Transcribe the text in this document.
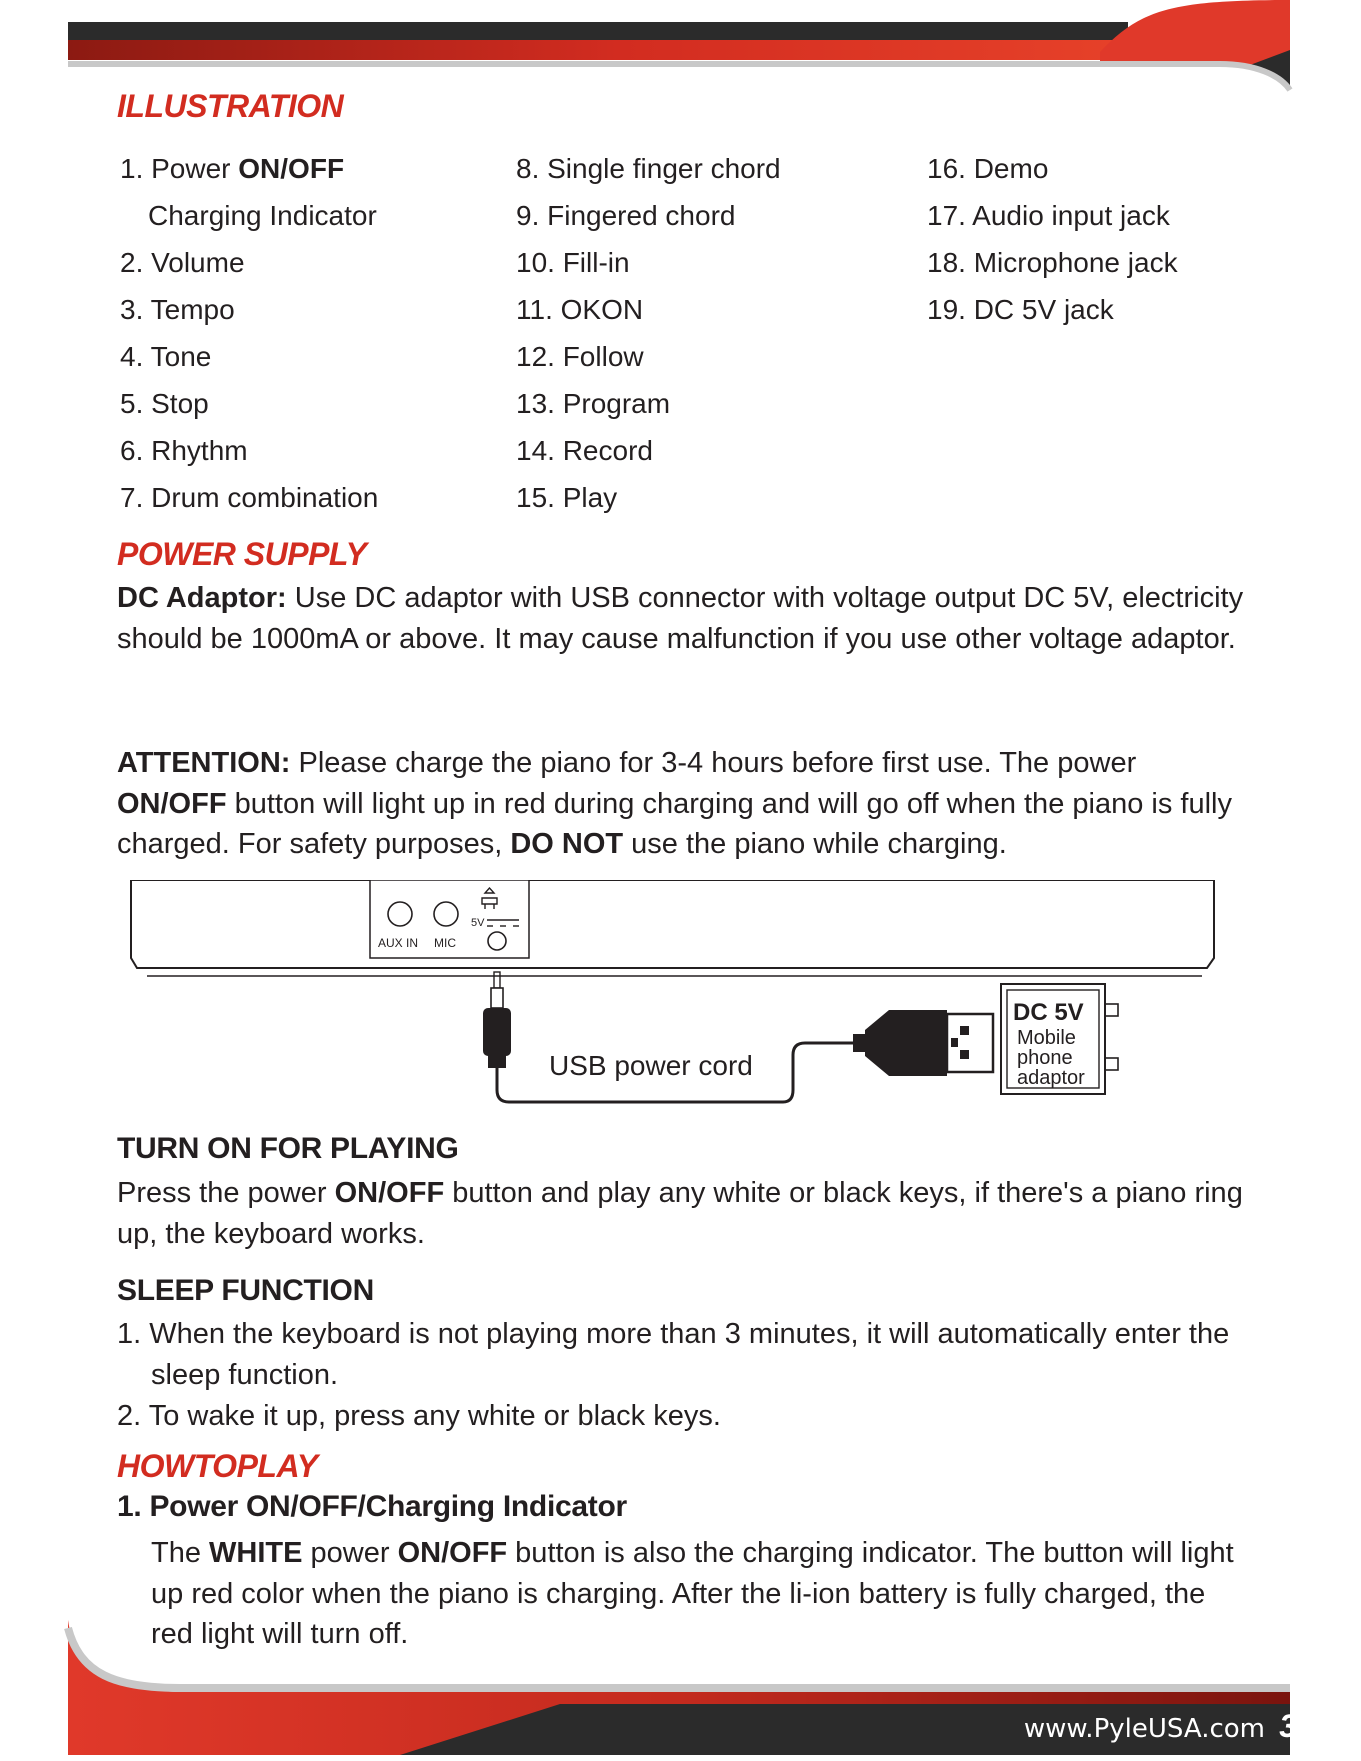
ILLUSTRATION
1. Power ON/OFF
Charging Indicator
2. Volume
3. Tempo
4. Tone
5. Stop
6. Rhythm
7. Drum combination
8. Single finger chord
9. Fingered chord
10. Fill-in
11. OKON
12. Follow
13. Program
14. Record
15. Play
16. Demo
17. Audio input jack
18. Microphone jack
19. DC 5V jack
POWER SUPPLY

DC Adaptor: Use DC adaptor with USB connector with voltage output DC 5V, electricity should be 1000mA or above. It may cause malfunction if you use other voltage adaptor.

ATTENTION: Please charge the piano for 3-4 hours before first use. The power ON/OFF button will light up in red during charging and will go off when the piano is fully charged. For safety purposes, DO NOT use the piano while charging.

AUX IN MIC
5V
USB power cord
DC 5V
Mobile
phone
adaptor
TURN ON FOR PLAYING

Press the power ON/OFF button and play any white or black keys, if there's a piano ring up, the keyboard works.

SLEEP FUNCTION

1. When the keyboard is not playing more than 3 minutes, it will automatically enter the sleep function.

2. To wake it up, press any white or black keys.

HOWTOPLAY
1. Power ON/OFF/Charging Indicator

The WHITE power ON/OFF button is also the charging indicator. The button will light up red color when the piano is charging. After the li-ion battery is fully charged, the red light will turn off.

www.PyleUSA.com 3
